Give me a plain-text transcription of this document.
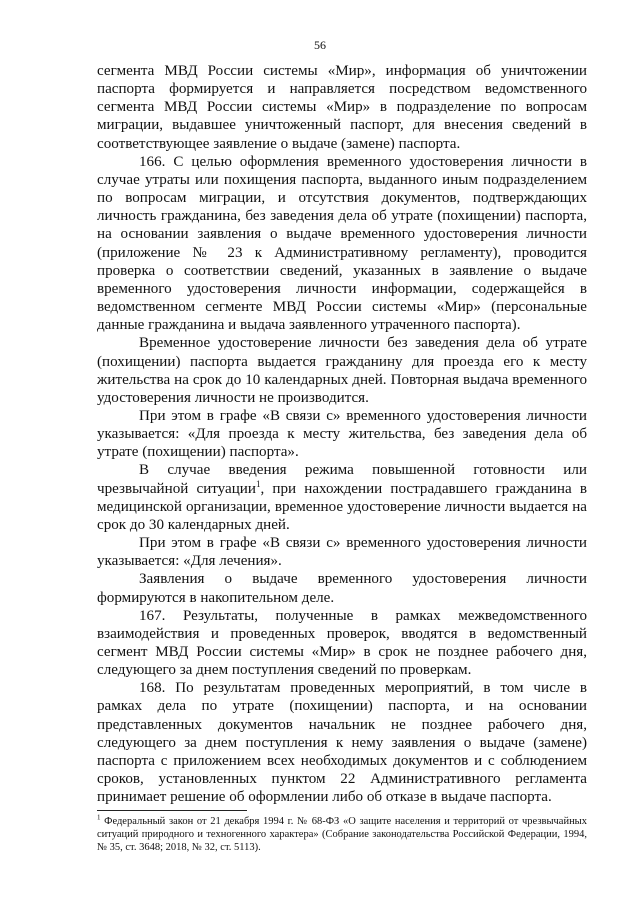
56

сегмента МВД России системы «Мир», информация об уничтожении паспорта формируется и направляется посредством ведомственного сегмента МВД России системы «Мир» в подразделение по вопросам миграции, выдавшее уничтоженный паспорт, для внесения сведений в соответствующее заявление о выдаче (замене) паспорта.

166. С целью оформления временного удостоверения личности в случае утраты или похищения паспорта, выданного иным подразделением по вопросам миграции, и отсутствия документов, подтверждающих личность гражданина, без заведения дела об утрате (похищении) паспорта, на основании заявления о выдаче временного удостоверения личности (приложение № 23 к Административному регламенту), проводится проверка о соответствии сведений, указанных в заявление о выдаче временного удостоверения личности информации, содержащейся в ведомственном сегменте МВД России системы «Мир» (персональные данные гражданина и выдача заявленного утраченного паспорта).

Временное удостоверение личности без заведения дела об утрате (похищении) паспорта выдается гражданину для проезда его к месту жительства на срок до 10 календарных дней. Повторная выдача временного удостоверения личности не производится.

При этом в графе «В связи с» временного удостоверения личности указывается: «Для проезда к месту жительства, без заведения дела об утрате (похищении) паспорта».

В случае введения режима повышенной готовности или чрезвычайной ситуации$^1$, при нахождении пострадавшего гражданина в медицинской организации, временное удостоверение личности выдается на срок до 30 календарных дней.

При этом в графе «В связи с» временного удостоверения личности указывается: «Для лечения».

Заявления о выдаче временного удостоверения личности формируются в накопительном деле.

167. Результаты, полученные в рамках межведомственного взаимодействия и проведенных проверок, вводятся в ведомственный сегмент МВД России системы «Мир» в срок не позднее рабочего дня, следующего за днем поступления сведений по проверкам.

168. По результатам проведенных мероприятий, в том числе в рамках дела по утрате (похищении) паспорта, и на основании представленных документов начальник не позднее рабочего дня, следующего за днем поступления к нему заявления о выдаче (замене) паспорта с приложением всех необходимых документов и с соблюдением сроков, установленных пунктом 22 Административного регламента принимает решение об оформлении либо об отказе в выдаче паспорта.

$^1$ Федеральный закон от 21 декабря 1994 г. № 68-ФЗ «О защите населения и территорий от чрезвычайных ситуаций природного и техногенного характера» (Собрание законодательства Российской Федерации, 1994, № 35, ст. 3648; 2018, № 32, ст. 5113).
